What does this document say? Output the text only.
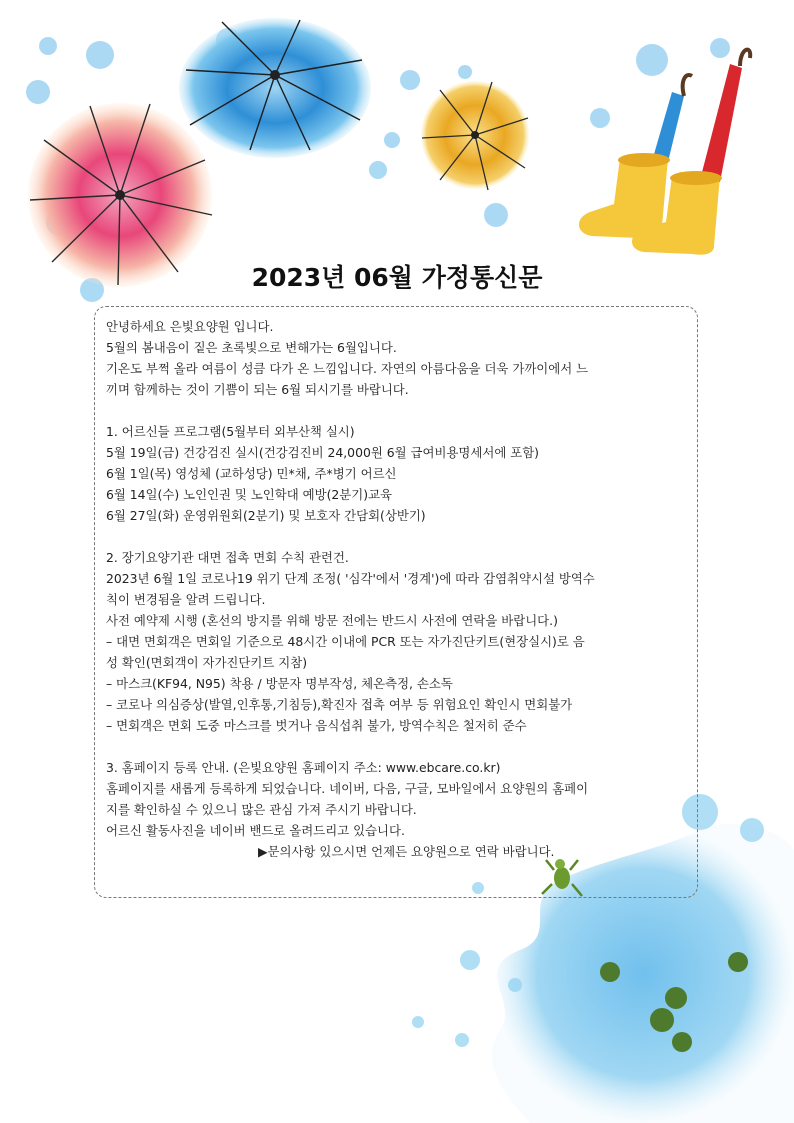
2023년 06월 가정통신문

안녕하세요 은빛요양원 입니다.

5월의 봄내음이 짙은 초록빛으로 변해가는 6월입니다.

기온도 부쩍 올라 여름이 성큼 다가 온 느낌입니다. 자연의 아름다움을 더욱 가까이에서 느

끼며 함께하는 것이 기쁨이 되는 6월 되시기를 바랍니다.

1. 어르신들 프로그램(5월부터 외부산책 실시)

5월 19일(금) 건강검진 실시(건강검진비 24,000원 6월 급여비용명세서에 포함)

6월 1일(목) 영성체 (교하성당) 민*채, 주*병기 어르신

6월 14일(수) 노인인권 및 노인학대 예방(2분기)교육

6월 27일(화) 운영위원회(2분기) 및 보호자 간담회(상반기)

2. 장기요양기관 대면 접촉 면회 수칙 관련건.

2023년 6월 1일 코로나19 위기 단계 조정( '심각'에서 '경계')에 따라 감염취약시설 방역수

칙이 변경됨을 알려 드립니다.

사전 예약제 시행 (혼선의 방지를 위해 방문 전에는 반드시 사전에 연락을 바랍니다.)

– 대면 면회객은 면회일 기준으로 48시간 이내에 PCR 또는 자가진단키트(현장실시)로 음

성 확인(면회객이 자가진단키트 지참)

– 마스크(KF94, N95) 착용 / 방문자 명부작성, 체온측정, 손소독

– 코로나 의심증상(발열,인후통,기침등),확진자 접촉 여부 등 위험요인 확인시 면회불가

– 면회객은 면회 도중 마스크를 벗거나 음식섭취 불가, 방역수칙은 철저히 준수

3. 홈페이지 등록 안내. (은빛요양원 홈페이지 주소: www.ebcare.co.kr)

홈페이지를 새롭게 등록하게 되었습니다. 네이버, 다음, 구글, 모바일에서 요양원의 홈페이

지를 확인하실 수 있으니 많은 관심 가져 주시기 바랍니다.

어르신 활동사진을 네이버 밴드로 올려드리고 있습니다.

▶문의사항 있으시면 언제든 요양원으로 연락 바랍니다.
